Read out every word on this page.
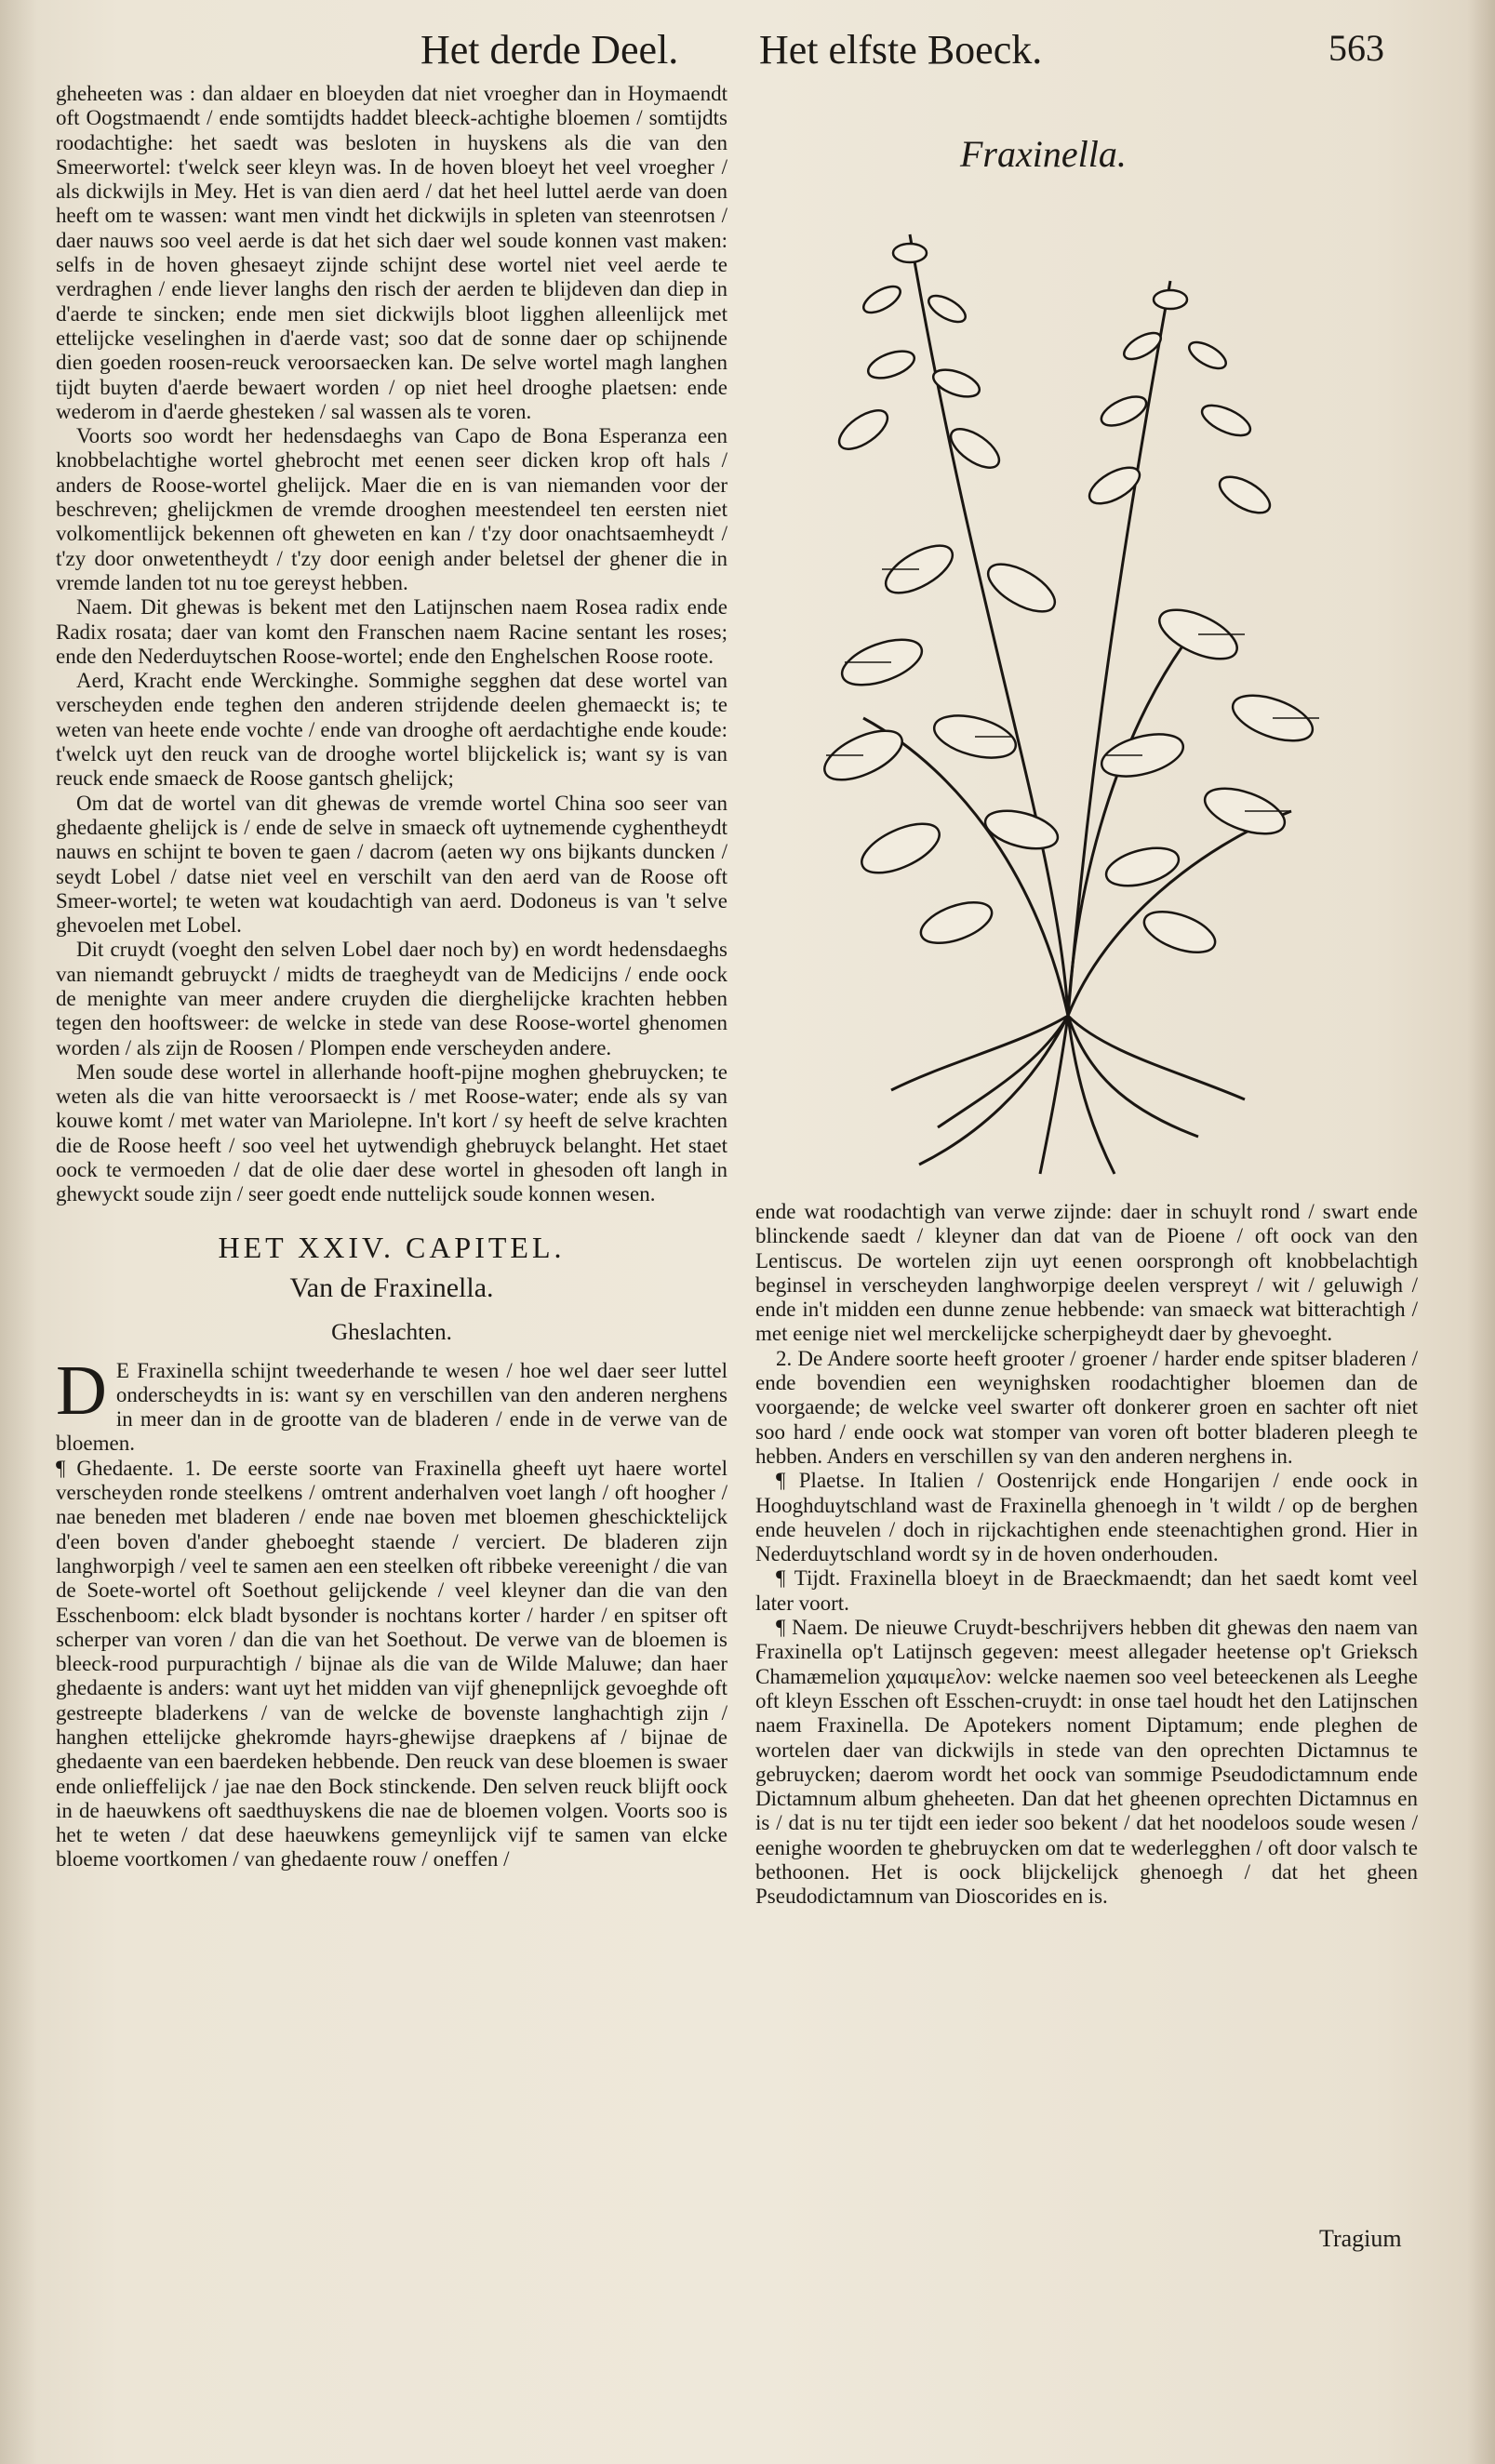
Het derde Deel. Het elfste Boeck.	563

gheheeten was : dan aldaer en bloeyden dat niet vroegher dan in Hoymaendt oft Oogstmaendt / ende somtijdts haddet bleeck-achtighe bloemen / somtijdts roodachtighe: het saedt was besloten in huyskens als die van den Smeerwortel: t'welck seer kleyn was. In de hoven bloeyt het veel vroegher / als dickwijls in Mey. Het is van dien aerd / dat het heel luttel aerde van doen heeft om te wassen: want men vindt het dickwijls in spleten van steenrotsen / daer nauws soo veel aerde is dat het sich daer wel soude konnen vast maken: selfs in de hoven ghesaeyt zijnde schijnt dese wortel niet veel aerde te verdraghen / ende liever langhs den risch der aerden te blijdeven dan diep in d'aerde te sincken; ende men siet dickwijls bloot ligghen alleenlijck met ettelijcke veselinghen in d'aerde vast; soo dat de sonne daer op schijnende dien goeden roosen-reuck veroorsaecken kan. De selve wortel magh langhen tijdt buyten d'aerde bewaert worden / op niet heel drooghe plaetsen: ende wederom in d'aerde ghesteken / sal wassen als te voren.

Voorts soo wordt her hedensdaeghs van Capo de Bona Esperanza een knobbelachtighe wortel ghebrocht met eenen seer dicken krop oft hals / anders de Roose-wortel ghelijck. Maer die en is van niemanden voor der beschreven; ghelijckmen de vremde drooghen meestendeel ten eersten niet volkomentlijck bekennen oft gheweten en kan / t'zy door onachtsaemheydt / t'zy door onwetentheydt / t'zy door eenigh ander beletsel der ghener die in vremde landen tot nu toe gereyst hebben.

Naem. Dit ghewas is bekent met den Latijnschen naem Rosea radix ende Radix rosata; daer van komt den Franschen naem Racine sentant les roses; ende den Nederduytschen Roose-wortel; ende den Enghelschen Roose roote.

Aerd, Kracht ende Werckinghe. Sommighe segghen dat dese wortel van verscheyden ende teghen den anderen strijdende deelen ghemaeckt is; te weten van heete ende vochte / ende van drooghe oft aerdachtighe ende koude: t'welck uyt den reuck van de drooghe wortel blijckelick is; want sy is van reuck ende smaeck de Roose gantsch ghelijck;

Om dat de wortel van dit ghewas de vremde wortel China soo seer van ghedaente ghelijck is / ende de selve in smaeck oft uytnemende cyghentheydt nauws en schijnt te boven te gaen / dacrom (aeten wy ons bijkants duncken / seydt Lobel / datse niet veel en verschilt van den aerd van de Roose oft Smeer-wortel; te weten wat koudachtigh van aerd. Dodoneus is van 't selve ghevoelen met Lobel.

Dit cruydt (voeght den selven Lobel daer noch by) en wordt hedensdaeghs van niemandt gebruyckt / midts de traegheydt van de Medicijns / ende oock de menighte van meer andere cruyden die dierghelijcke krachten hebben tegen den hooftsweer: de welcke in stede van dese Roose-wortel ghenomen worden / als zijn de Roosen / Plompen ende verscheyden andere.

Men soude dese wortel in allerhande hooft-pijne moghen ghebruycken; te weten als die van hitte veroorsaeckt is / met Roose-water; ende als sy van kouwe komt / met water van Mariolepne. In't kort / sy heeft de selve krachten die de Roose heeft / soo veel het uytwendigh ghebruyck belanght. Het staet oock te vermoeden / dat de olie daer dese wortel in ghesoden oft langh in ghewyckt soude zijn / seer goedt ende nuttelijck soude konnen wesen.

HET XXIV. CAPITEL.
Van de Fraxinella.
Gheslachten.

D E Fraxinella schijnt tweederhande te wesen / hoe wel daer seer luttel onderscheydts in is: want sy en verschillen van den anderen nerghens in meer dan in de grootte van de bladeren / ende in de verwe van de bloemen.

¶ Ghedaente. 1. De eerste soorte van Fraxinella gheeft uyt haere wortel verscheyden ronde steelkens / omtrent anderhalven voet langh / oft hoogher / nae beneden met bladeren / ende nae boven met bloemen gheschicktelijck d'een boven d'ander gheboeght staende / verciert. De bladeren zijn langhworpigh / veel te samen aen een steelken oft ribbeke vereenight / die van de Soete-wortel oft Soethout gelijckende / veel kleyner dan die van den Esschenboom: elck bladt bysonder is nochtans korter / harder / en spitser oft scherper van voren / dan die van het Soethout. De verwe van de bloemen is bleeck-rood purpurachtigh / bijnae als die van de Wilde Maluwe; dan haer ghedaente is anders: want uyt het midden van vijf ghenepnlijck gevoeghde oft gestreepte bladerkens / van de welcke de bovenste langhachtigh zijn / hanghen ettelijcke ghekromde hayrs-ghewijse draepkens af / bijnae de ghedaente van een baerdeken hebbende. Den reuck van dese bloemen is swaer ende onlieffelijck / jae nae den Bock stinckende. Den selven reuck blijft oock in de haeuwkens oft saedthuyskens die nae de bloemen volgen. Voorts soo is het te weten / dat dese haeuwkens gemeynlijck vijf te samen van elcke bloeme voortkomen / van ghedaente rouw / oneffen /

Fraxinella.

ende wat roodachtigh van verwe zijnde: daer in schuylt rond / swart ende blinckende saedt / kleyner dan dat van de Pioene / oft oock van den Lentiscus. De wortelen zijn uyt eenen oorsprongh oft knobbelachtigh beginsel in verscheyden langhworpige deelen verspreyt / wit / geluwigh / ende in't midden een dunne zenue hebbende: van smaeck wat bitterachtigh / met eenige niet wel merckelijcke scherpigheydt daer by ghevoeght.

2. De Andere soorte heeft grooter / groener / harder ende spitser bladeren / ende bovendien een weynighsken roodachtigher bloemen dan de voorgaende; de welcke veel swarter oft donkerer groen en sachter oft niet soo hard / ende oock wat stomper van voren oft botter bladeren pleegh te hebben. Anders en verschillen sy van den anderen nerghens in.

¶ Plaetse. In Italien / Oostenrijck ende Hongarijen / ende oock in Hooghduytschland wast de Fraxinella ghenoegh in 't wildt / op de berghen ende heuvelen / doch in rijckachtighen ende steenachtighen grond. Hier in Nederduytschland wordt sy in de hoven onderhouden.

¶ Tijdt. Fraxinella bloeyt in de Braeckmaendt; dan het saedt komt veel later voort.

¶ Naem. De nieuwe Cruydt-beschrijvers hebben dit ghewas den naem van Fraxinella op't Latijnsch gegeven: meest allegader heetense op't Grieksch Chamæmelion χαμαιμελον: welcke naemen soo veel beteeckenen als Leeghe oft kleyn Esschen oft Esschen-cruydt: in onse tael houdt het den Latijnschen naem Fraxinella. De Apotekers noment Diptamum; ende pleghen de wortelen daer van dickwijls in stede van den oprechten Dictamnus te gebruycken; daerom wordt het oock van sommige Pseudodictamnum ende Dictamnum album gheheeten. Dan dat het gheenen oprechten Dictamnus en is / dat is nu ter tijdt een ieder soo bekent / dat het noodeloos soude wesen / eenighe woorden te ghebruycken om dat te wederlegghen / oft door valsch te bethoonen. Het is oock blijckelijck ghenoegh / dat het gheen Pseudodictamnum van Dioscorides en is.

Tragium
